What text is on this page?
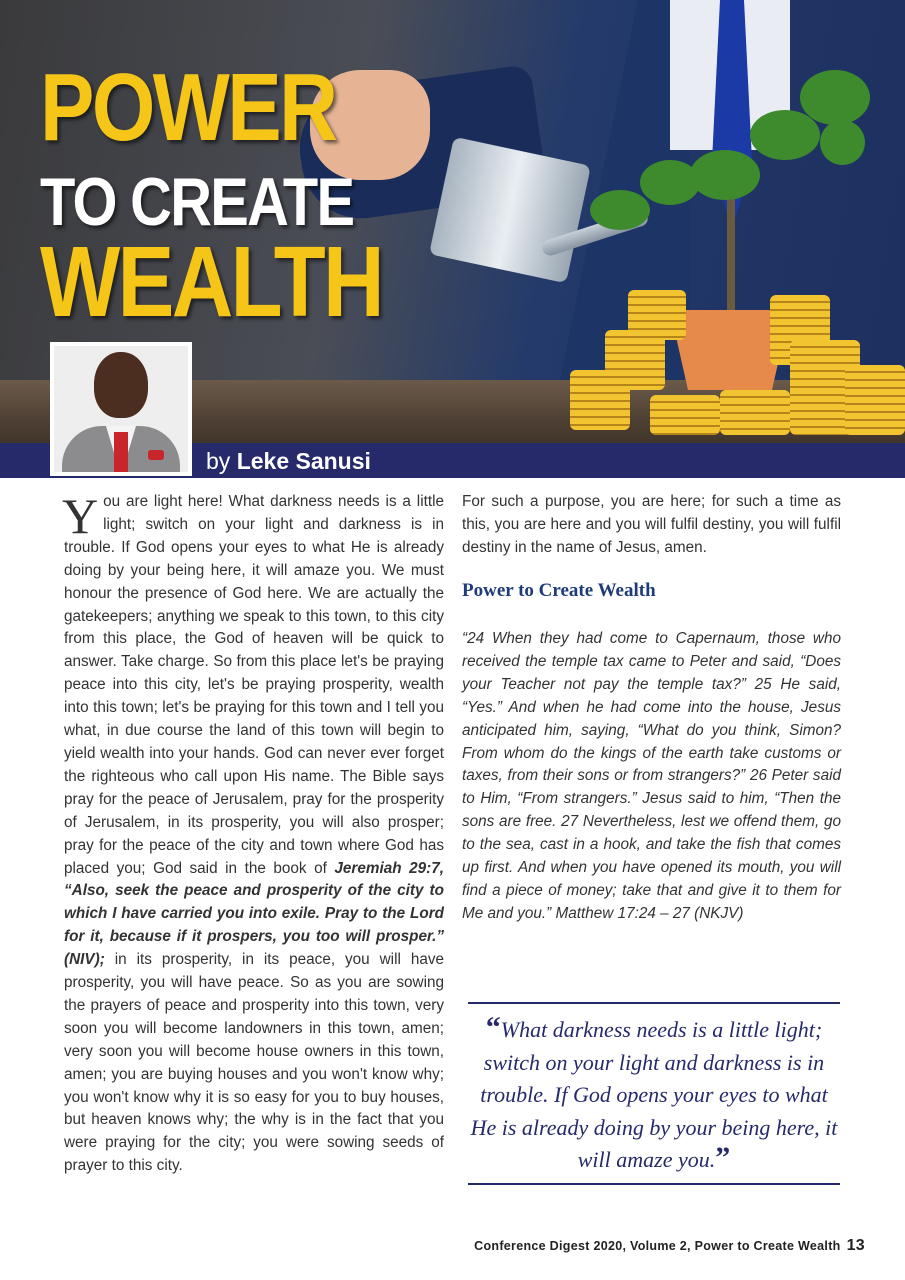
POWER
TO CREATE
WEALTH
by Leke Sanusi
You are light here! What darkness needs is a little light; switch on your light and darkness is in trouble. If God opens your eyes to what He is already doing by your being here, it will amaze you. We must honour the presence of God here. We are actually the gatekeepers; anything we speak to this town, to this city from this place, the God of heaven will be quick to answer. Take charge. So from this place let's be praying peace into this city, let's be praying prosperity, wealth into this town; let's be praying for this town and I tell you what, in due course the land of this town will begin to yield wealth into your hands. God can never ever forget the righteous who call upon His name. The Bible says pray for the peace of Jerusalem, pray for the prosperity of Jerusalem, in its prosperity, you will also prosper; pray for the peace of the city and town where God has placed you; God said in the book of Jeremiah 29:7, “Also, seek the peace and prosperity of the city to which I have carried you into exile. Pray to the Lord for it, because if it prospers, you too will prosper.” (NIV); in its prosperity, in its peace, you will have prosperity, you will have peace. So as you are sowing the prayers of peace and prosperity into this town, very soon you will become landowners in this town, amen; very soon you will become house owners in this town, amen; you are buying houses and you won't know why; you won't know why it is so easy for you to buy houses, but heaven knows why; the why is in the fact that you were praying for the city; you were sowing seeds of prayer to this city.
For such a purpose, you are here; for such a time as this, you are here and you will fulfil destiny, you will fulfil destiny in the name of Jesus, amen.
Power to Create Wealth
“24 When they had come to Capernaum, those who received the temple tax came to Peter and said, “Does your Teacher not pay the temple tax?” 25 He said, “Yes.” And when he had come into the house, Jesus anticipated him, saying, “What do you think, Simon? From whom do the kings of the earth take customs or taxes, from their sons or from strangers?” 26 Peter said to Him, “From strangers.” Jesus said to him, “Then the sons are free. 27 Nevertheless, lest we offend them, go to the sea, cast in a hook, and take the fish that comes up first. And when you have opened its mouth, you will find a piece of money; take that and give it to them for Me and you.” Matthew 17:24 – 27 (NKJV)
“What darkness needs is a little light; switch on your light and darkness is in trouble. If God opens your eyes to what He is already doing by your being here, it will amaze you.”
Conference Digest 2020, Volume 2, Power to Create Wealth 13
